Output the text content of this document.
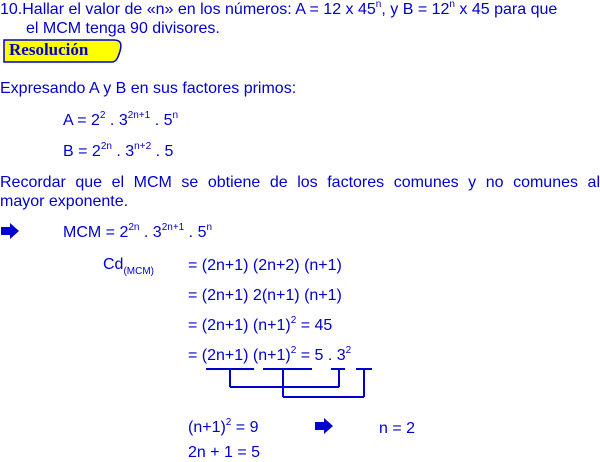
10.Hallar el valor de «n» en los números: A = 12 x 45$^n$, y $B = 12^n$ x 45 para que
el MCM tenga 90 divisores.
Resolución
Expresando A y B en sus factores primos:
$A = 2^2$ . $3^{2n+1}$ . 5$^n$
$B = 2^{2n}$ . $3^{n+2}$ . 5
Recordar que el MCM se obtiene de los factores comunes y no comunes al
mayor exponente.
MCM = $2^{2n}$ . $3^{2n+1}$ . 5$^n$
$Cd_{(MCM)} = (2n+1)$ (2n+2) (n+1)
= (2n+1) 2(n+1) (n+1)
= (2n+1) $(n+1)^2 = 45$
= (2n+1) $(n+1)^2 = 5$ . $3^2$
$(n+1)^2 = 9$	n = 2
2n + 1 = 5
